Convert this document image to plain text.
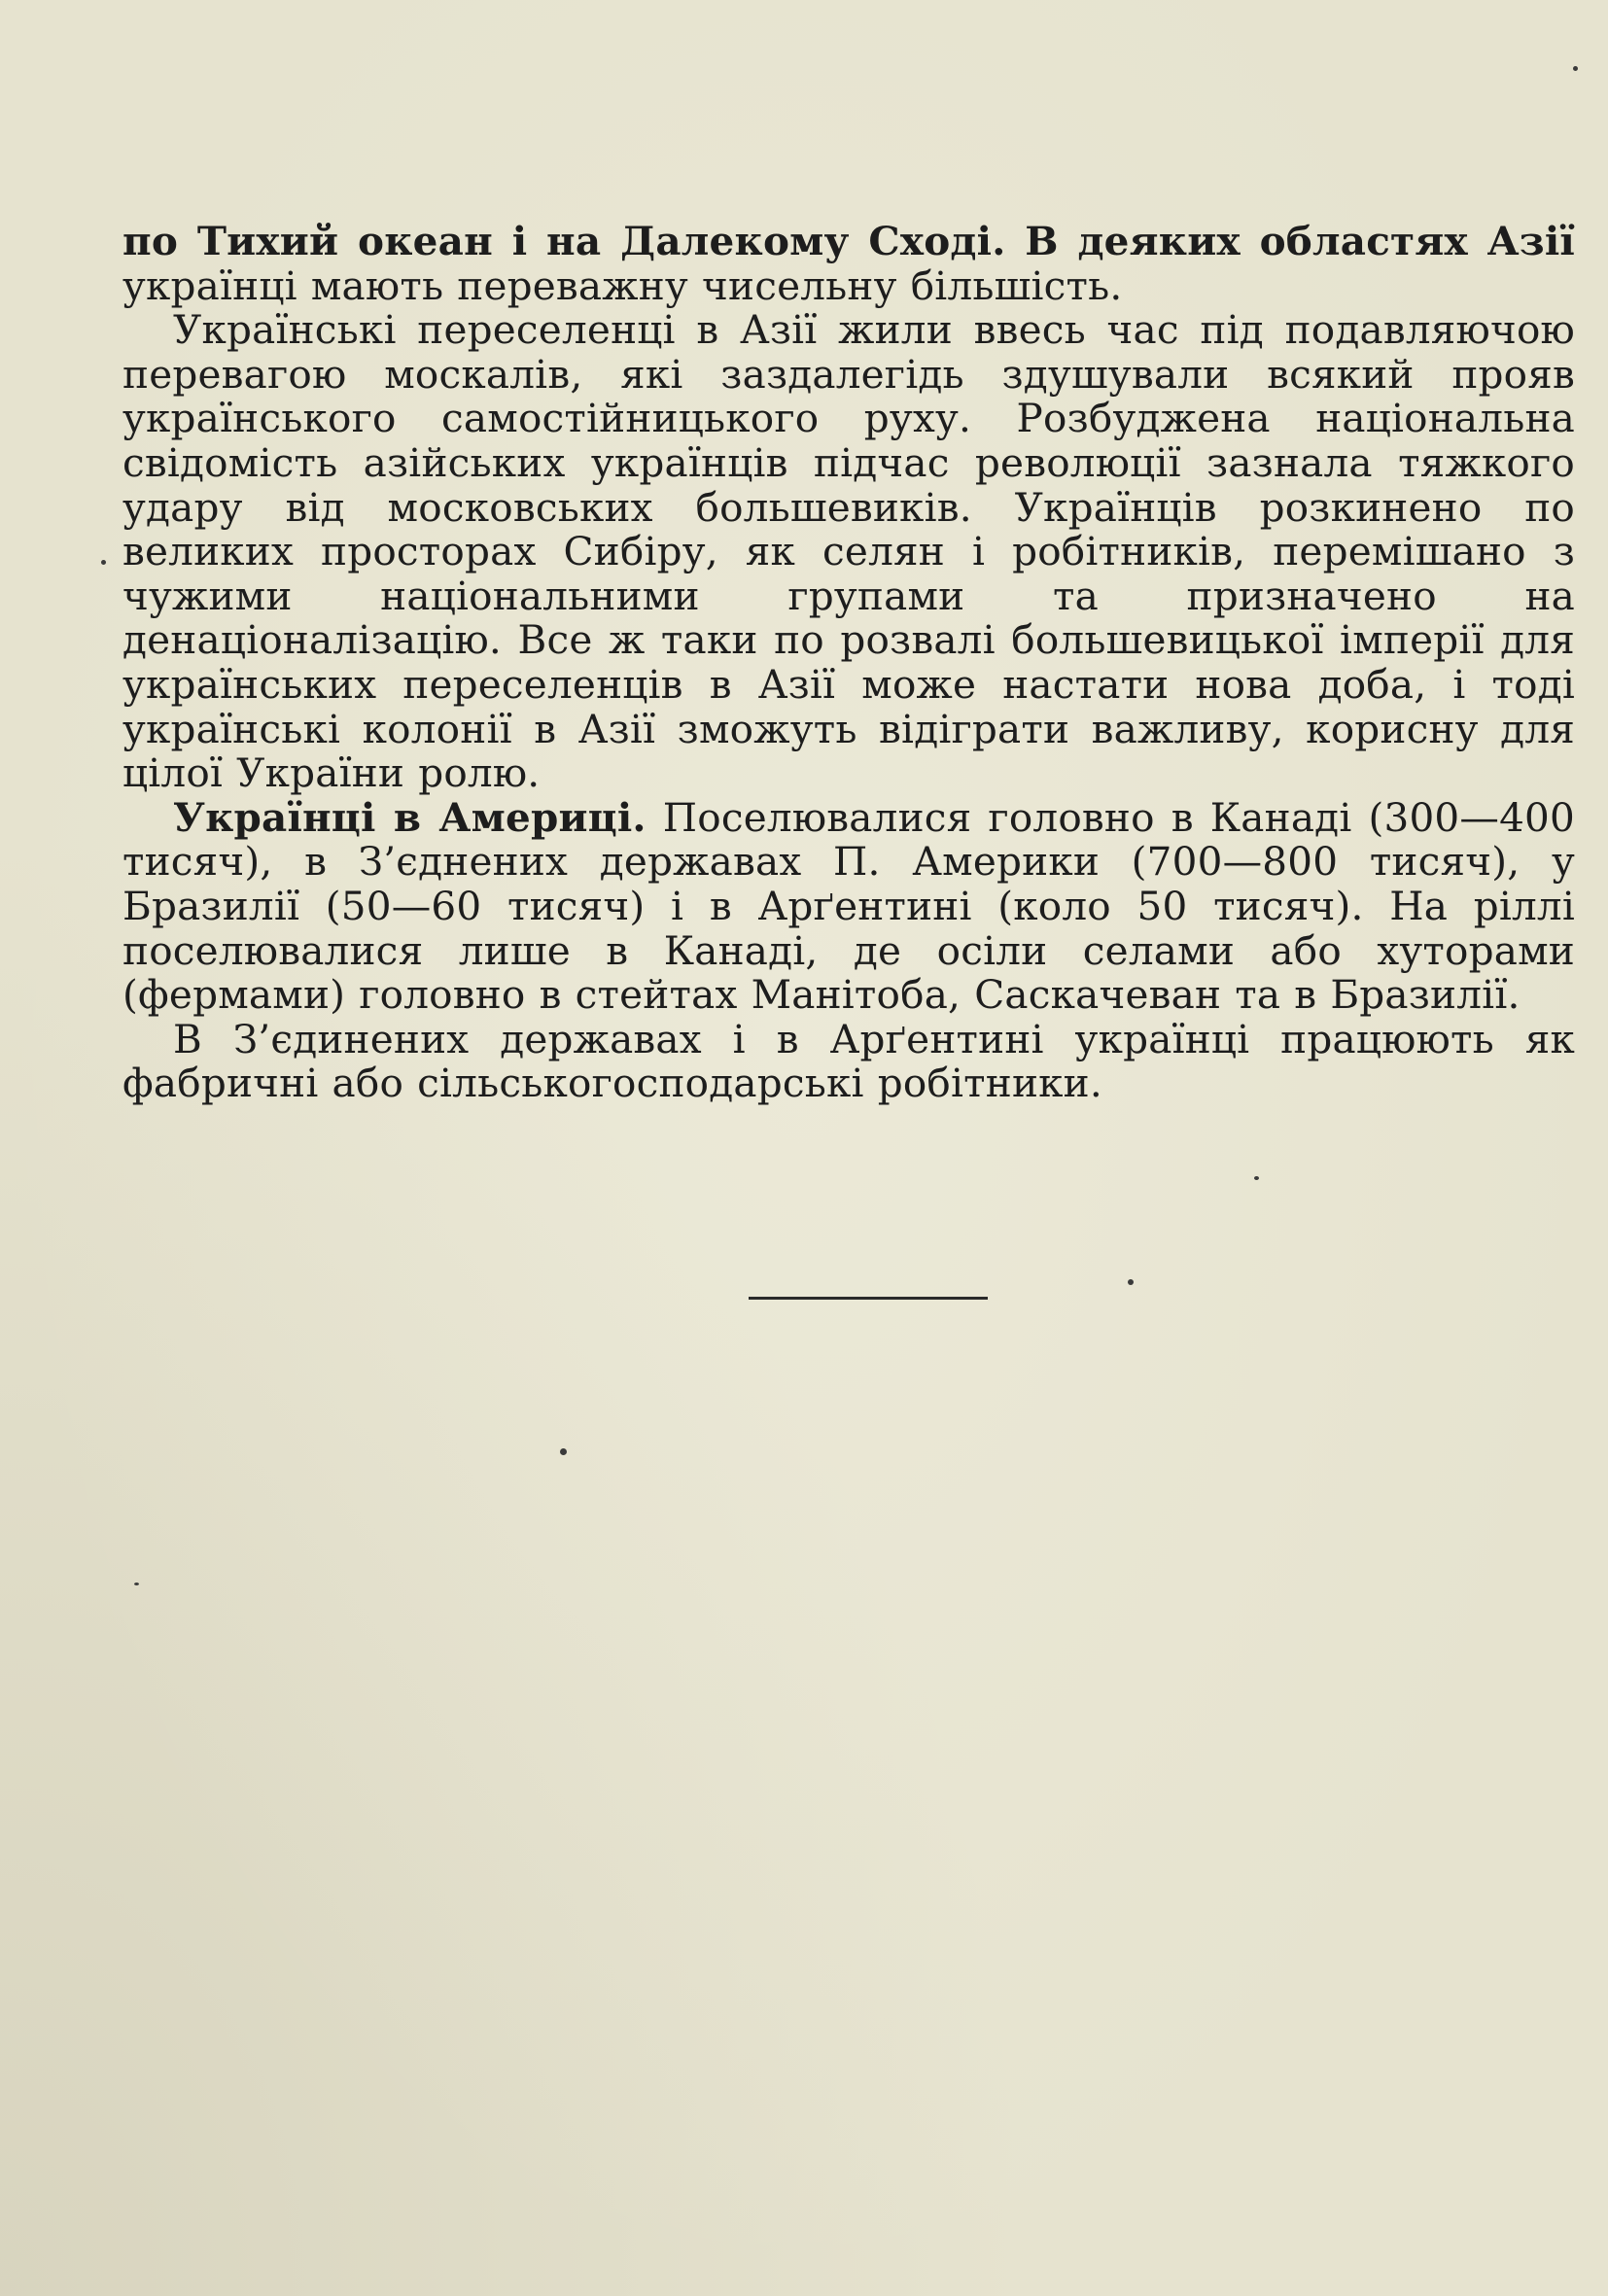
по Тихий океан і на Далекому Сході. В деяких областях Азії українці мають переважну чисельну більшість.

Українські переселенці в Азії жили ввесь час під подавляючою перевагою москалів, які заздалегідь здушували всякий прояв українського самостійницького руху. Розбуджена національна свідомість азійських українців підчас революції зазнала тяжкого удару від московських большевиків. Українців розкинено по великих просторах Сибіру, як селян і робітників, перемішано з чужими національними групами та призначено на денаціоналізацію. Все ж таки по розвалі большевицької імперії для українських переселенців в Азії може настати нова доба, і тоді українські колонії в Азії зможуть відіграти важливу, корисну для цілої України ролю.

Українці в Америці. Поселювалися головно в Канаді (300—400 тисяч), в З’єднених державах П. Америки (700—800 тисяч), у Бразилії (50—60 тисяч) і в Арґентині (коло 50 тисяч). На ріллі поселювалися лише в Канаді, де осіли селами або хуторами (фермами) головно в стейтах Манітоба, Саскачеван та в Бразилії.

В З’єдинених державах і в Арґентині українці працюють як фабричні або сільськогосподарські робітники.
